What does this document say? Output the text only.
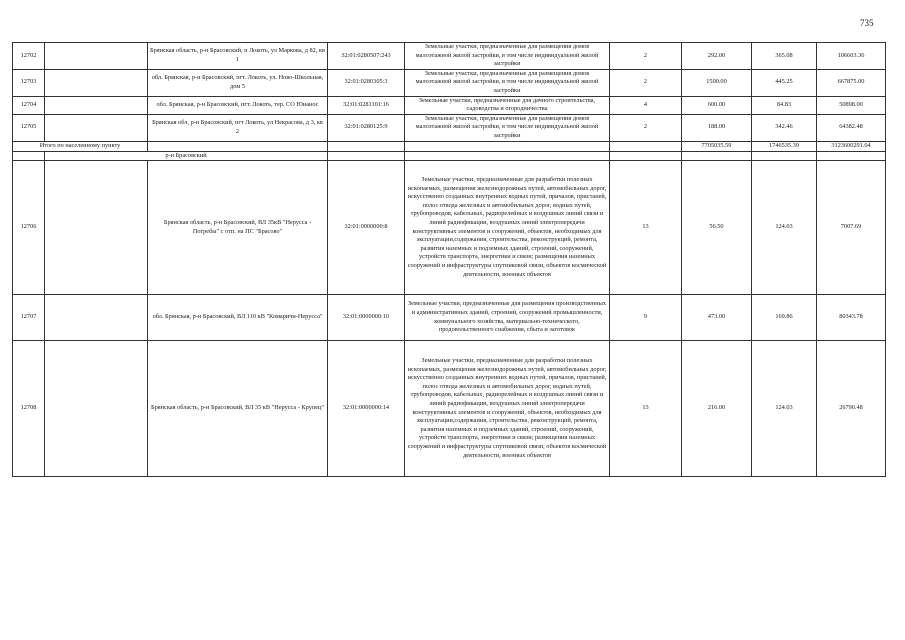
735
12702		Брянская область, р-н Брасовский, п Локоть, ул Маркова, д 82, кв 1	32:01:0280507:243	Земельные участки, предназначенные для размещения домов малоэтажной жилой застройки, в том числе индивидуальной жилой застройки	2	292.00	365.08	106603.36
12703		обл. Брянская, р-н Брасовский, пгт. Локоть, ул. Ново-Школьная, дом 5	32:01:0280305:3	Земельные участки, предназначенные для размещения домов малоэтажной жилой застройки, в том числе индивидуальной жилой застройки	2	1500.00	445.25	667875.00
12704		обл. Брянская, р-н Брасовский, пгт. Локоть, тер. СО Юнанос	32:01:0281101:16	Земельные участки, предназначенные для дачного строительства, садоводства и огородничества	4	600.00	84.83	50898.00
12705		Брянская обл, р-н Брасовский, пгт Локоть, ул Некрасова, д 3, кв 2	32:01:0280125:9	Земельные участки, предназначенные для размещения домов малоэтажной жилой застройки, в том числе индивидуальной жилой застройки	2	188.00	342.46	64382.48
Итого по населенному пункту						7705035.59	1746535.39	3123600291.04
	р-н Брасовский							
12706		Брянская область, р-н Брасовский, ВЛ 35кВ "Нерусса - Погребы" с отп. на ПС "Брасово"	32:01:0000000:8	Земельные участки, предназначенные для разработки полезных ископаемых, размещения железнодорожных путей, автомобильных дорог, искусственно созданных внутренних водных путей, причалов, пристаней, полос отвода железных и автомобильных дорог, водных путей, трубопроводов, кабельных, радиорелейных и воздушных линий связи и линий радиофикации, воздушных линий электропередачи конструктивных элементов и сооружений, объектов, необходимых для эксплуатации,содержания, строительства, реконструкций, ремонта, развития наземных и подземных зданий, строений, сооружений, устройств транспорта, энергетики и связи; размещения наземных сооружений и инфраструктуры спутниковой связи, объектов космической деятельности, военных объектов	13	56.50	124.03	7007.69
12707		обл. Брянская, р-н Брасовский, ВЛ 110 кВ "Комаричи-Нерусса"	32:01:0000000:10	Земельные участки, предназначенные для размещения производственных и административных зданий, строений, сооружений промышленности, коммунального хозяйства, материально-технического, продовольственного снабжения, сбыта и заготовок	9	473.00	169.86	80343.78
12708		Брянская область, р-н Брасовский, ВЛ 35 кВ "Нерусса - Крупец"	32:01:0000000:14	Земельные участки, предназначенные для разработки полезных ископаемых, размещения железнодорожных путей, автомобильных дорог, искусственно созданных внутренних водных путей, причалов, пристаней, полос отвода железных и автомобильных дорог, водных путей, трубопроводов, кабельных, радиорелейных и воздушных линий связи и линий радиофикации, воздушных линий электропередачи конструктивных элементов и сооружений, объектов, необходимых для эксплуатации,содержания, строительства, реконструкций, ремонта, развития наземных и подземных зданий, строений, сооружений, устройств транспорта, энергетики и связи; размещения наземных сооружений и инфраструктуры спутниковой связи, объектов космической деятельности, военных объектов	13	216.00	124.03	26790.48
